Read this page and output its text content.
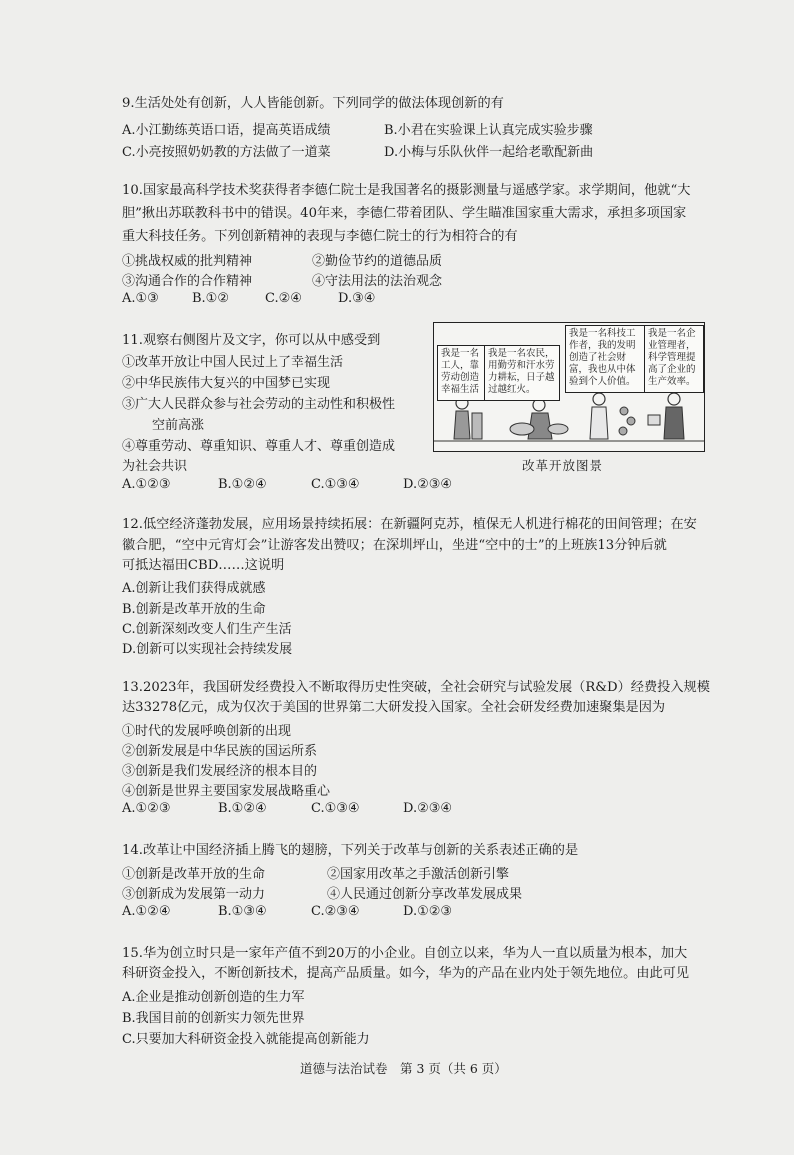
9.生活处处有创新，人人皆能创新。下列同学的做法体现创新的有
A.小江勤练英语口语，提高英语成绩	B.小君在实验课上认真完成实验步骤
C.小亮按照奶奶教的方法做了一道菜	D.小梅与乐队伙伴一起给老歌配新曲
10.国家最高科学技术奖获得者李德仁院士是我国著名的摄影测量与遥感学家。求学期间，他就“大
胆”揪出苏联教科书中的错误。40年来，李德仁带着团队、学生瞄准国家重大需求，承担多项国家
重大科技任务。下列创新精神的表现与李德仁院士的行为相符合的有
①挑战权威的批判精神	②勤俭节约的道德品质
③沟通合作的合作精神	④守法用法的法治观念
A.①③	B.①②	C.②④	D.③④
11.观察右侧图片及文字，你可以从中感受到
①改革开放让中国人民过上了幸福生活
②中华民族伟大复兴的中国梦已实现
③广大人民群众参与社会劳动的主动性和积极性
空前高涨
④尊重劳动、尊重知识、尊重人才、尊重创造成
为社会共识
A.①②③	B.①②④	C.①③④	D.②③④
我是一名工人，靠劳动创造幸福生活
我是一名农民，用勤劳和汗水劳力耕耘，日子越过越红火。
我是一名科技工作者，我的发明创造了社会财富，我也从中体验到个人价值。
我是一名企业管理者，科学管理提高了企业的生产效率。
改革开放图景
12.低空经济蓬勃发展，应用场景持续拓展：在新疆阿克苏，植保无人机进行棉花的田间管理；在安
徽合肥，“空中元宵灯会”让游客发出赞叹；在深圳坪山，坐进“空中的士”的上班族13分钟后就
可抵达福田CBD……这说明
A.创新让我们获得成就感
B.创新是改革开放的生命
C.创新深刻改变人们生产生活
D.创新可以实现社会持续发展
13.2023年，我国研发经费投入不断取得历史性突破，全社会研究与试验发展（R&D）经费投入规模
达33278亿元，成为仅次于美国的世界第二大研发投入国家。全社会研发经费加速聚集是因为
①时代的发展呼唤创新的出现
②创新发展是中华民族的国运所系
③创新是我们发展经济的根本目的
④创新是世界主要国家发展战略重心
A.①②③	B.①②④	C.①③④	D.②③④
14.改革让中国经济插上腾飞的翅膀，下列关于改革与创新的关系表述正确的是
①创新是改革开放的生命	②国家用改革之手激活创新引擎
③创新成为发展第一动力	④人民通过创新分享改革发展成果
A.①②④	B.①③④	C.②③④	D.①②③
15.华为创立时只是一家年产值不到20万的小企业。自创立以来，华为人一直以质量为根本，加大
科研资金投入，不断创新技术，提高产品质量。如今，华为的产品在业内处于领先地位。由此可见
A.企业是推动创新创造的生力军
B.我国目前的创新实力领先世界
C.只要加大科研资金投入就能提高创新能力
道德与法治试卷　第 3 页（共 6 页）
